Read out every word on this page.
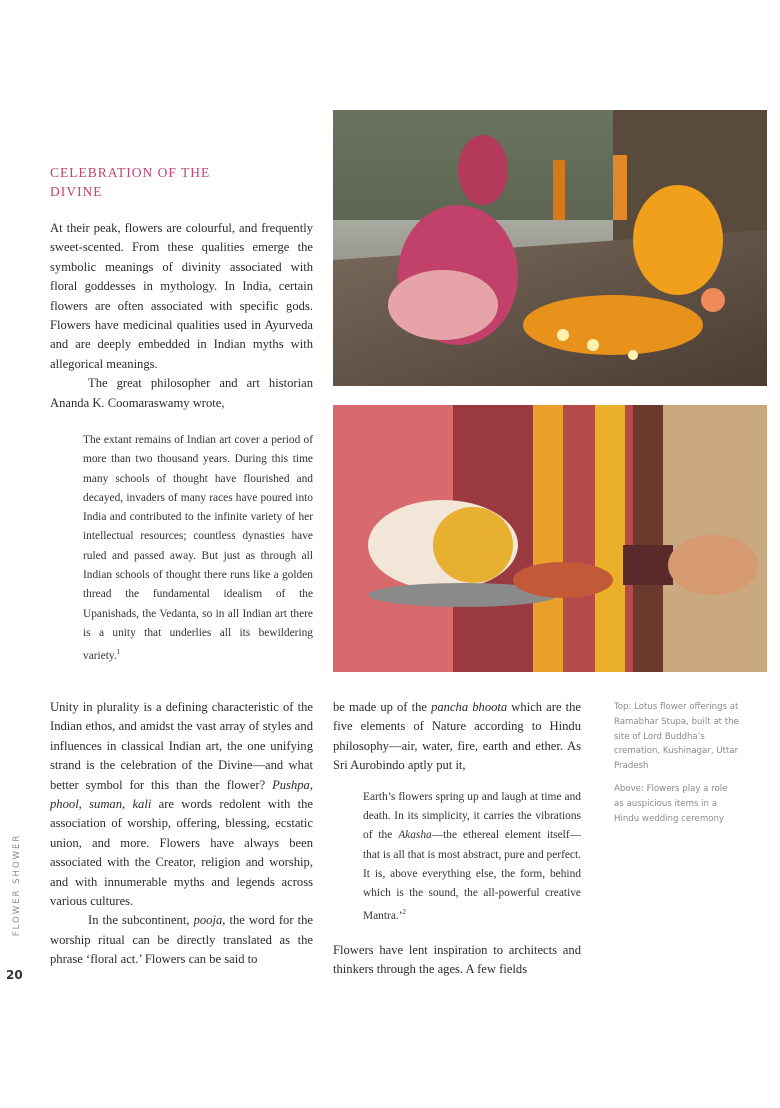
CELEBRATION OF THE DIVINE

At their peak, flowers are colourful, and frequently sweet-scented. From these qualities emerge the symbolic meanings of divinity associated with floral goddesses in mythology. In India, certain flowers are often associated with specific gods. Flowers have medicinal qualities used in Ayurveda and are deeply embedded in Indian myths with allegorical meanings.

The great philosopher and art historian Ananda K. Coomaraswamy wrote,

The extant remains of Indian art cover a period of more than two thousand years. During this time many schools of thought have flourished and decayed, invaders of many races have poured into India and contributed to the infinite variety of her intellectual resources; countless dynasties have ruled and passed away. But just as through all Indian schools of thought there runs like a golden thread the fundamental idealism of the Upanishads, the Vedanta, so in all Indian art there is a unity that underlies all its bewildering variety.$^1$

Unity in plurality is a defining characteristic of the Indian ethos, and amidst the vast array of styles and influences in classical Indian art, the one unifying strand is the celebration of the Divine—and what better symbol for this than the flower? Pushpa, phool, suman, kali are words redolent with the association of worship, offering, blessing, ecstatic union, and more. Flowers have always been associated with the Creator, religion and worship, and with innumerable myths and legends across various cultures.

In the subcontinent, pooja, the word for the worship ritual can be directly translated as the phrase ‘floral act.’ Flowers can be said to

be made up of the pancha bhoota which are the five elements of Nature according to Hindu philosophy—air, water, fire, earth and ether. As Sri Aurobindo aptly put it,

Earth’s flowers spring up and laugh at time and death. In its simplicity, it carries the vibrations of the Akasha—the ethereal element itself—that is all that is most abstract, pure and perfect. It is, above everything else, the form, behind which is the sound, the all-powerful creative Mantra.’$^2$

Flowers have lent inspiration to architects and thinkers through the ages. A few fields

Top: Lotus flower offerings at Ramabhar Stupa, built at the site of Lord Buddha’s cremation, Kushinagar, Uttar Pradesh

Above: Flowers play a role as auspicious items in a Hindu wedding ceremony

FLOWER SHOWER
20
